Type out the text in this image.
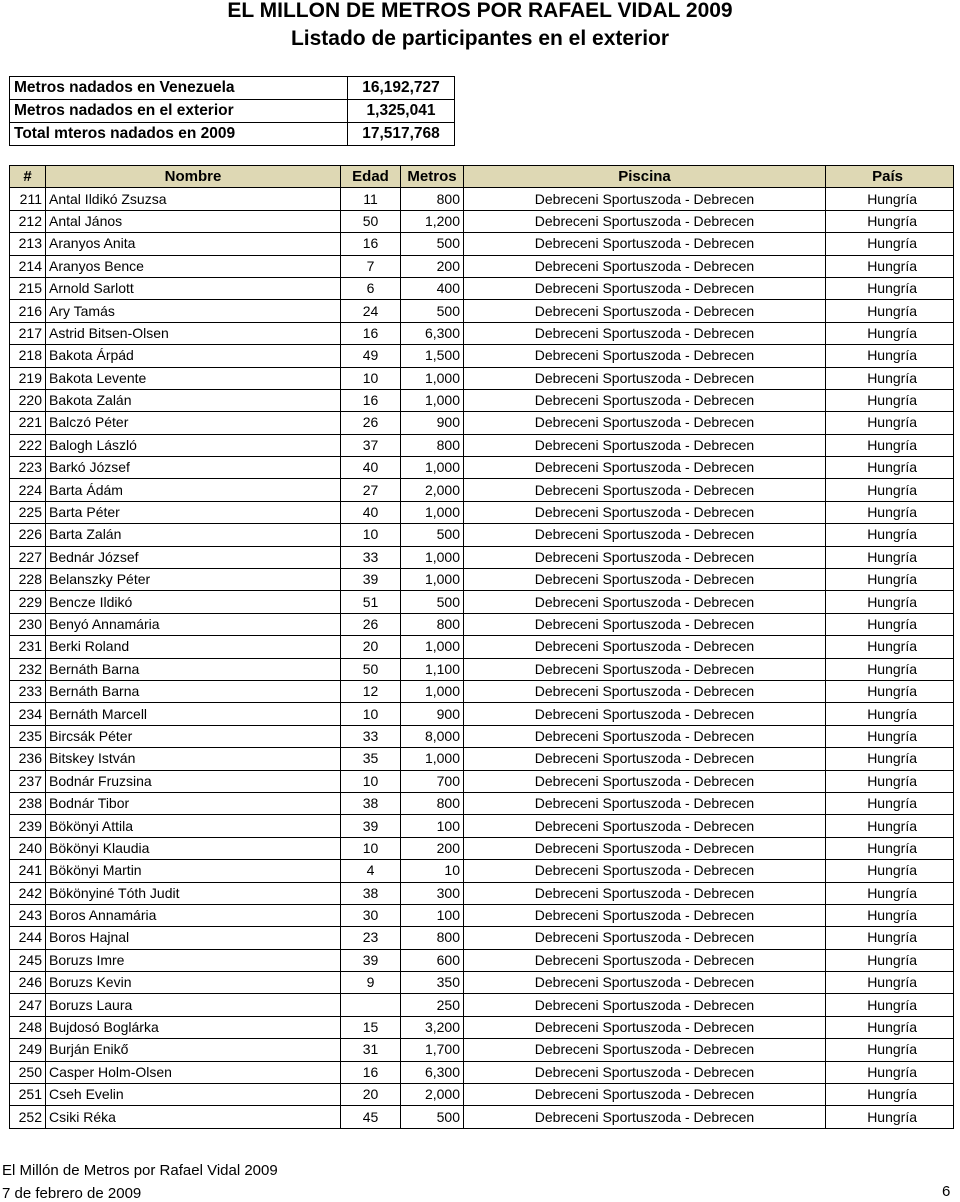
EL MILLON DE METROS POR RAFAEL VIDAL 2009
Listado de participantes en el exterior
Metros nadados en Venezuela	16,192,727
Metros nadados en el exterior	1,325,041
Total mteros nadados en 2009	17,517,768
#	Nombre	Edad	Metros	Piscina	País
211	Antal Ildikó Zsuzsa	11	800	Debreceni Sportuszoda - Debrecen	Hungría
212	Antal János	50	1,200	Debreceni Sportuszoda - Debrecen	Hungría
213	Aranyos Anita	16	500	Debreceni Sportuszoda - Debrecen	Hungría
214	Aranyos Bence	7	200	Debreceni Sportuszoda - Debrecen	Hungría
215	Arnold Sarlott	6	400	Debreceni Sportuszoda - Debrecen	Hungría
216	Ary Tamás	24	500	Debreceni Sportuszoda - Debrecen	Hungría
217	Astrid Bitsen-Olsen	16	6,300	Debreceni Sportuszoda - Debrecen	Hungría
218	Bakota Árpád	49	1,500	Debreceni Sportuszoda - Debrecen	Hungría
219	Bakota Levente	10	1,000	Debreceni Sportuszoda - Debrecen	Hungría
220	Bakota Zalán	16	1,000	Debreceni Sportuszoda - Debrecen	Hungría
221	Balczó Péter	26	900	Debreceni Sportuszoda - Debrecen	Hungría
222	Balogh László	37	800	Debreceni Sportuszoda - Debrecen	Hungría
223	Barkó József	40	1,000	Debreceni Sportuszoda - Debrecen	Hungría
224	Barta Ádám	27	2,000	Debreceni Sportuszoda - Debrecen	Hungría
225	Barta Péter	40	1,000	Debreceni Sportuszoda - Debrecen	Hungría
226	Barta Zalán	10	500	Debreceni Sportuszoda - Debrecen	Hungría
227	Bednár József	33	1,000	Debreceni Sportuszoda - Debrecen	Hungría
228	Belanszky Péter	39	1,000	Debreceni Sportuszoda - Debrecen	Hungría
229	Bencze Ildikó	51	500	Debreceni Sportuszoda - Debrecen	Hungría
230	Benyó Annamária	26	800	Debreceni Sportuszoda - Debrecen	Hungría
231	Berki Roland	20	1,000	Debreceni Sportuszoda - Debrecen	Hungría
232	Bernáth Barna	50	1,100	Debreceni Sportuszoda - Debrecen	Hungría
233	Bernáth Barna	12	1,000	Debreceni Sportuszoda - Debrecen	Hungría
234	Bernáth Marcell	10	900	Debreceni Sportuszoda - Debrecen	Hungría
235	Bircsák Péter	33	8,000	Debreceni Sportuszoda - Debrecen	Hungría
236	Bitskey István	35	1,000	Debreceni Sportuszoda - Debrecen	Hungría
237	Bodnár Fruzsina	10	700	Debreceni Sportuszoda - Debrecen	Hungría
238	Bodnár Tibor	38	800	Debreceni Sportuszoda - Debrecen	Hungría
239	Bökönyi Attila	39	100	Debreceni Sportuszoda - Debrecen	Hungría
240	Bökönyi Klaudia	10	200	Debreceni Sportuszoda - Debrecen	Hungría
241	Bökönyi Martin	4	10	Debreceni Sportuszoda - Debrecen	Hungría
242	Bökönyiné Tóth Judit	38	300	Debreceni Sportuszoda - Debrecen	Hungría
243	Boros Annamária	30	100	Debreceni Sportuszoda - Debrecen	Hungría
244	Boros Hajnal	23	800	Debreceni Sportuszoda - Debrecen	Hungría
245	Boruzs Imre	39	600	Debreceni Sportuszoda - Debrecen	Hungría
246	Boruzs Kevin	9	350	Debreceni Sportuszoda - Debrecen	Hungría
247	Boruzs Laura		250	Debreceni Sportuszoda - Debrecen	Hungría
248	Bujdosó Boglárka	15	3,200	Debreceni Sportuszoda - Debrecen	Hungría
249	Burján Enikő	31	1,700	Debreceni Sportuszoda - Debrecen	Hungría
250	Casper Holm-Olsen	16	6,300	Debreceni Sportuszoda - Debrecen	Hungría
251	Cseh Evelin	20	2,000	Debreceni Sportuszoda - Debrecen	Hungría
252	Csiki Réka	45	500	Debreceni Sportuszoda - Debrecen	Hungría
El Millón de Metros por Rafael Vidal 2009
7 de febrero de 2009	6
